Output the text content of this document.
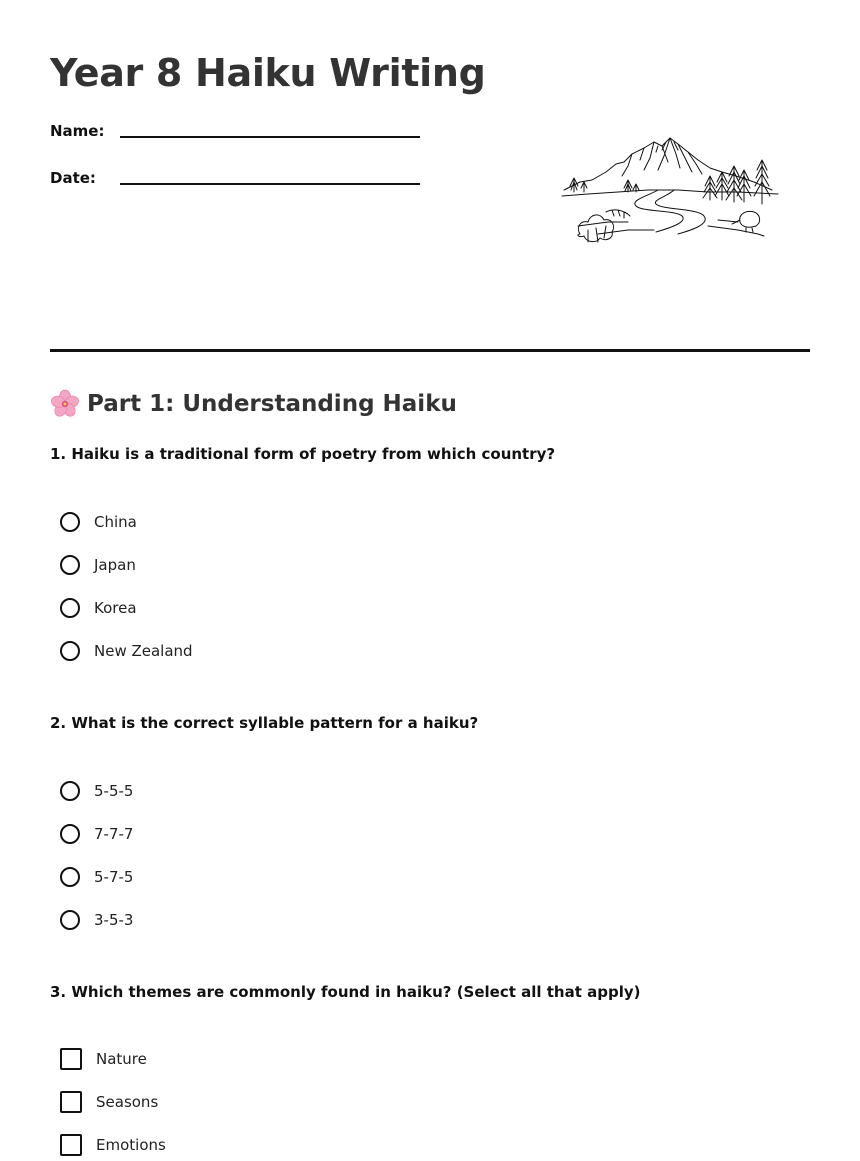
Year 8 Haiku Writing
Name:
Date:
Part 1: Understanding Haiku

1. Haiku is a traditional form of poetry from which country?

China
Japan
Korea
New Zealand

2. What is the correct syllable pattern for a haiku?

5-5-5
7-7-7
5-7-5
3-5-3

3. Which themes are commonly found in haiku? (Select all that apply)

Nature
Seasons
Emotions
